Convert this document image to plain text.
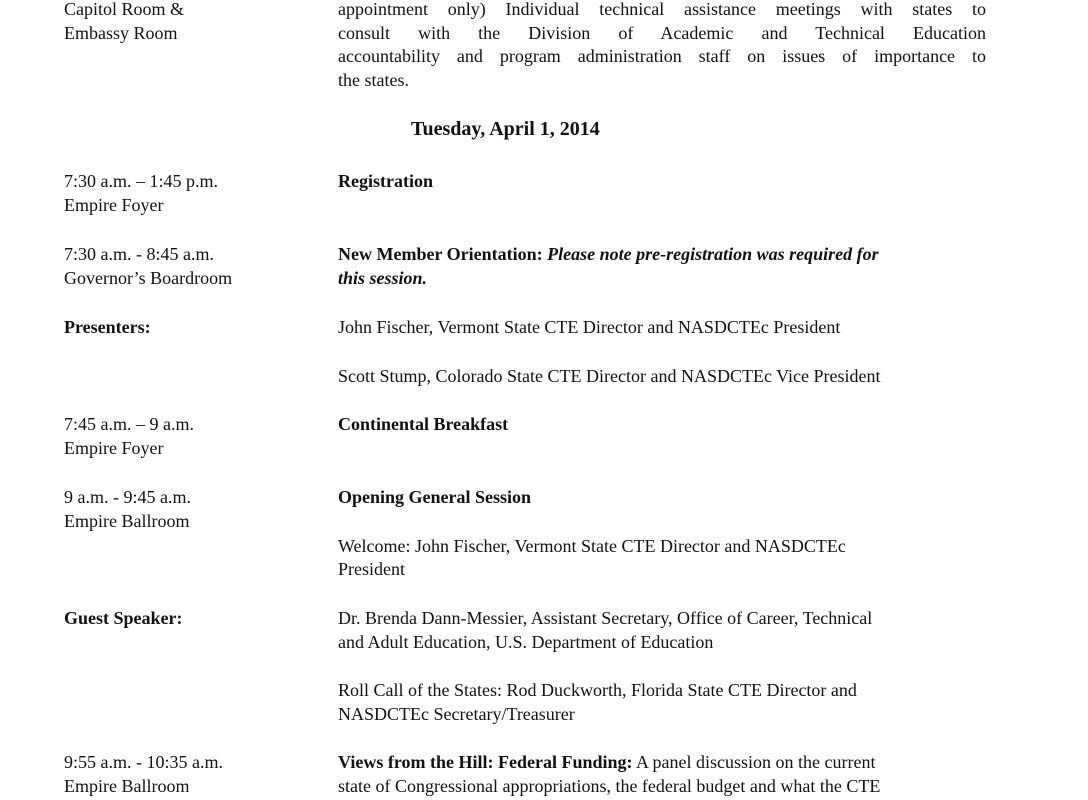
Capitol Room &
Embassy Room
appointment only) Individual technical assistance meetings with states to
consult with the Division of Academic and Technical Education
accountability and program administration staff on issues of importance to
the states.
Tuesday, April 1, 2014
7:30 a.m. – 1:45 p.m.
Empire Foyer
Registration
7:30 a.m. - 8:45 a.m.
Governor’s Boardroom
New Member Orientation: Please note pre-registration was required for
this session.
Presenters:	John Fischer, Vermont State CTE Director and NASDCTEc President
Scott Stump, Colorado State CTE Director and NASDCTEc Vice President
7:45 a.m. – 9 a.m.
Empire Foyer
Continental Breakfast
9 a.m. - 9:45 a.m.
Empire Ballroom
Opening General Session
Welcome: John Fischer, Vermont State CTE Director and NASDCTEc
President
Guest Speaker:	Dr. Brenda Dann-Messier, Assistant Secretary, Office of Career, Technical
and Adult Education, U.S. Department of Education
Roll Call of the States: Rod Duckworth, Florida State CTE Director and
NASDCTEc Secretary/Treasurer
9:55 a.m. - 10:35 a.m.
Empire Ballroom
Views from the Hill: Federal Funding: A panel discussion on the current
state of Congressional appropriations, the federal budget and what the CTE
